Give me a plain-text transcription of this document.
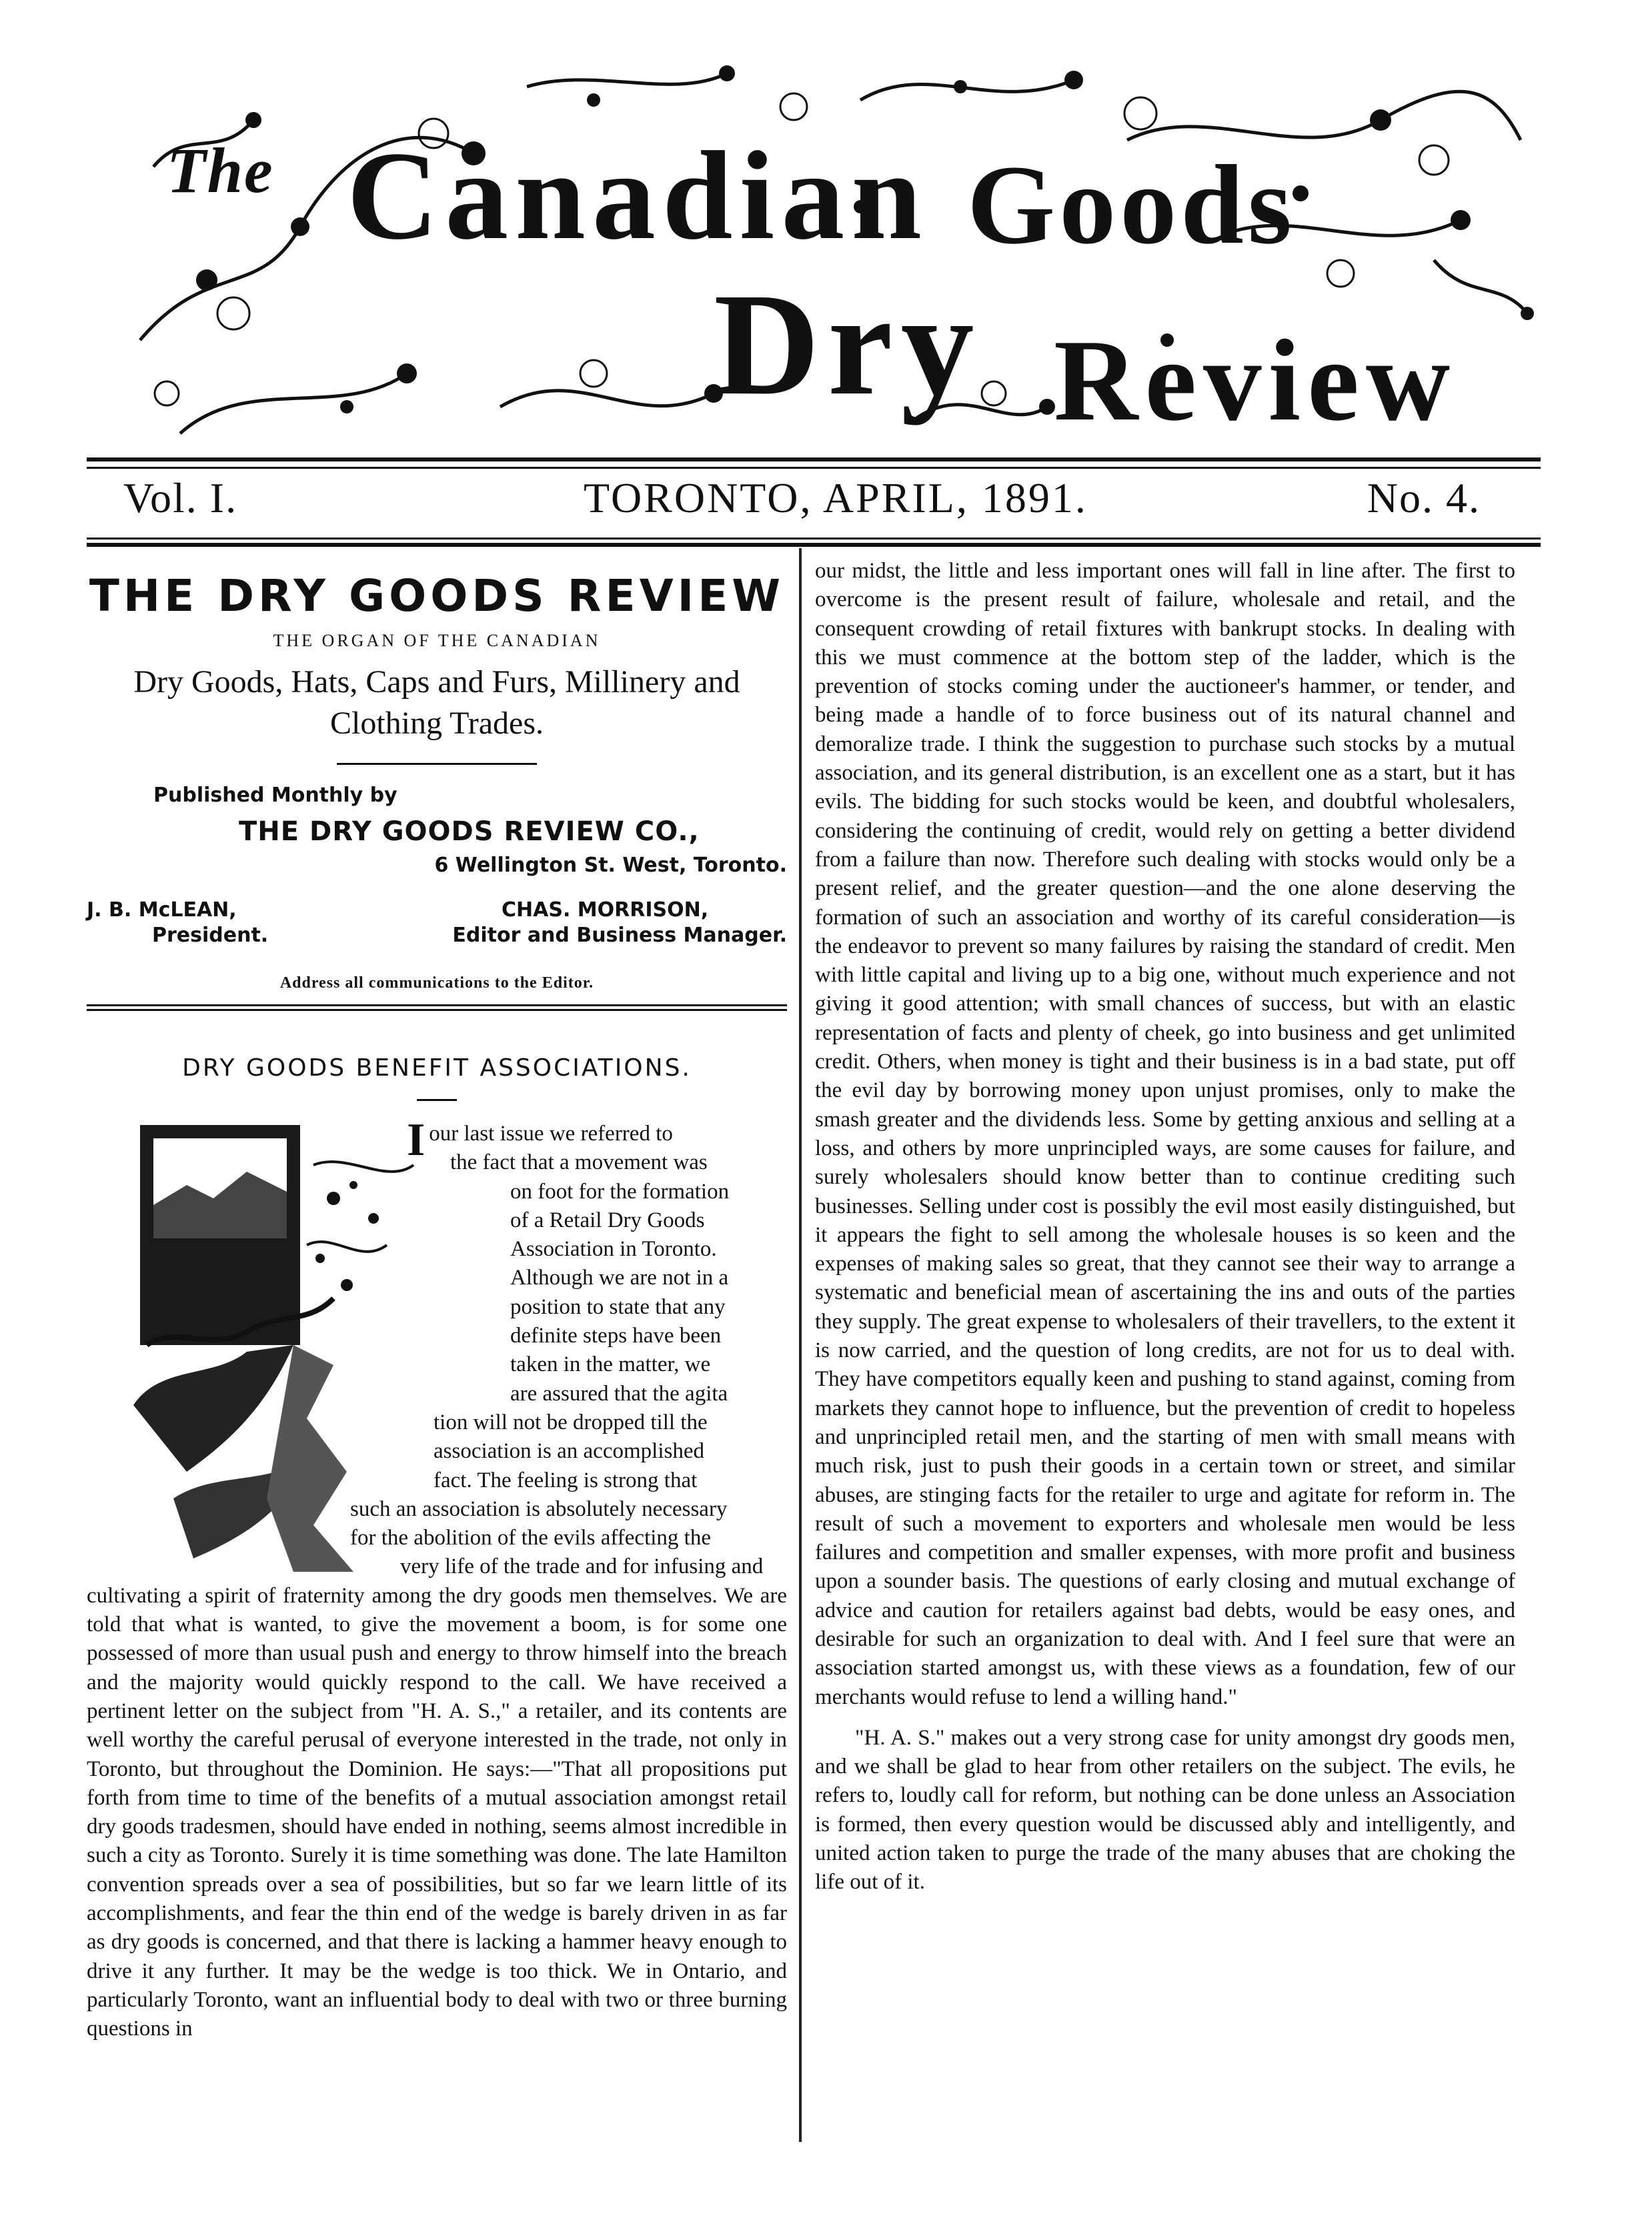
The Canadian Goods
Dry Review
Vol. I.	TORONTO, APRIL, 1891.	No. 4.
THE DRY GOODS REVIEW
THE ORGAN OF THE CANADIAN
Dry Goods, Hats, Caps and Furs, Millinery and Clothing Trades.
Published Monthly by
THE DRY GOODS REVIEW CO.,
6 Wellington St. West, Toronto.
J. B. McLEAN,
President.
CHAS. MORRISON,
Editor and Business Manager.
Address all communications to the Editor.
DRY GOODS BENEFIT ASSOCIATIONS.
I our last issue we referred to
the fact that a movement was
on foot for the formation
of a Retail Dry Goods
Association in Toronto.
Although we are not in a
position to state that any
definite steps have been
taken in the matter, we
are assured that the agita
tion will not be dropped till the
association is an accomplished
fact. The feeling is strong that
such an association is absolutely necessary
for the abolition of the evils affecting the
very life of the trade and for infusing and

cultivating a spirit of fraternity among the dry goods men themselves. We are told that what is wanted, to give the movement a boom, is for some one possessed of more than usual push and energy to throw himself into the breach and the majority would quickly respond to the call. We have received a pertinent letter on the subject from "H. A. S.," a retailer, and its contents are well worthy the careful perusal of everyone interested in the trade, not only in Toronto, but throughout the Dominion. He says:—"That all propositions put forth from time to time of the benefits of a mutual association amongst retail dry goods tradesmen, should have ended in nothing, seems almost incredible in such a city as Toronto. Surely it is time something was done. The late Hamilton convention spreads over a sea of possibilities, but so far we learn little of its accomplishments, and fear the thin end of the wedge is barely driven in as far as dry goods is concerned, and that there is lacking a hammer heavy enough to drive it any further. It may be the wedge is too thick. We in Ontario, and particularly Toronto, want an influential body to deal with two or three burning questions in

our midst, the little and less important ones will fall in line after. The first to overcome is the present result of failure, wholesale and retail, and the consequent crowding of retail fixtures with bankrupt stocks. In dealing with this we must commence at the bottom step of the ladder, which is the prevention of stocks coming under the auctioneer's hammer, or tender, and being made a handle of to force business out of its natural channel and demoralize trade. I think the suggestion to purchase such stocks by a mutual association, and its general distribution, is an excellent one as a start, but it has evils. The bidding for such stocks would be keen, and doubtful wholesalers, considering the continuing of credit, would rely on getting a better dividend from a failure than now. Therefore such dealing with stocks would only be a present relief, and the greater question—and the one alone deserving the formation of such an association and worthy of its careful consideration—is the endeavor to prevent so many failures by raising the standard of credit. Men with little capital and living up to a big one, without much experience and not giving it good attention; with small chances of success, but with an elastic representation of facts and plenty of cheek, go into business and get unlimited credit. Others, when money is tight and their business is in a bad state, put off the evil day by borrowing money upon unjust promises, only to make the smash greater and the dividends less. Some by getting anxious and selling at a loss, and others by more unprincipled ways, are some causes for failure, and surely wholesalers should know better than to continue crediting such businesses. Selling under cost is possibly the evil most easily distinguished, but it appears the fight to sell among the wholesale houses is so keen and the expenses of making sales so great, that they cannot see their way to arrange a systematic and beneficial mean of ascertaining the ins and outs of the parties they supply. The great expense to wholesalers of their travellers, to the extent it is now carried, and the question of long credits, are not for us to deal with. They have competitors equally keen and pushing to stand against, coming from markets they cannot hope to influence, but the prevention of credit to hopeless and unprincipled retail men, and the starting of men with small means with much risk, just to push their goods in a certain town or street, and similar abuses, are stinging facts for the retailer to urge and agitate for reform in. The result of such a movement to exporters and wholesale men would be less failures and competition and smaller expenses, with more profit and business upon a sounder basis. The questions of early closing and mutual exchange of advice and caution for retailers against bad debts, would be easy ones, and desirable for such an organization to deal with. And I feel sure that were an association started amongst us, with these views as a foundation, few of our merchants would refuse to lend a willing hand."

"H. A. S." makes out a very strong case for unity amongst dry goods men, and we shall be glad to hear from other retailers on the subject. The evils, he refers to, loudly call for reform, but nothing can be done unless an Association is formed, then every question would be discussed ably and intelligently, and united action taken to purge the trade of the many abuses that are choking the life out of it.
